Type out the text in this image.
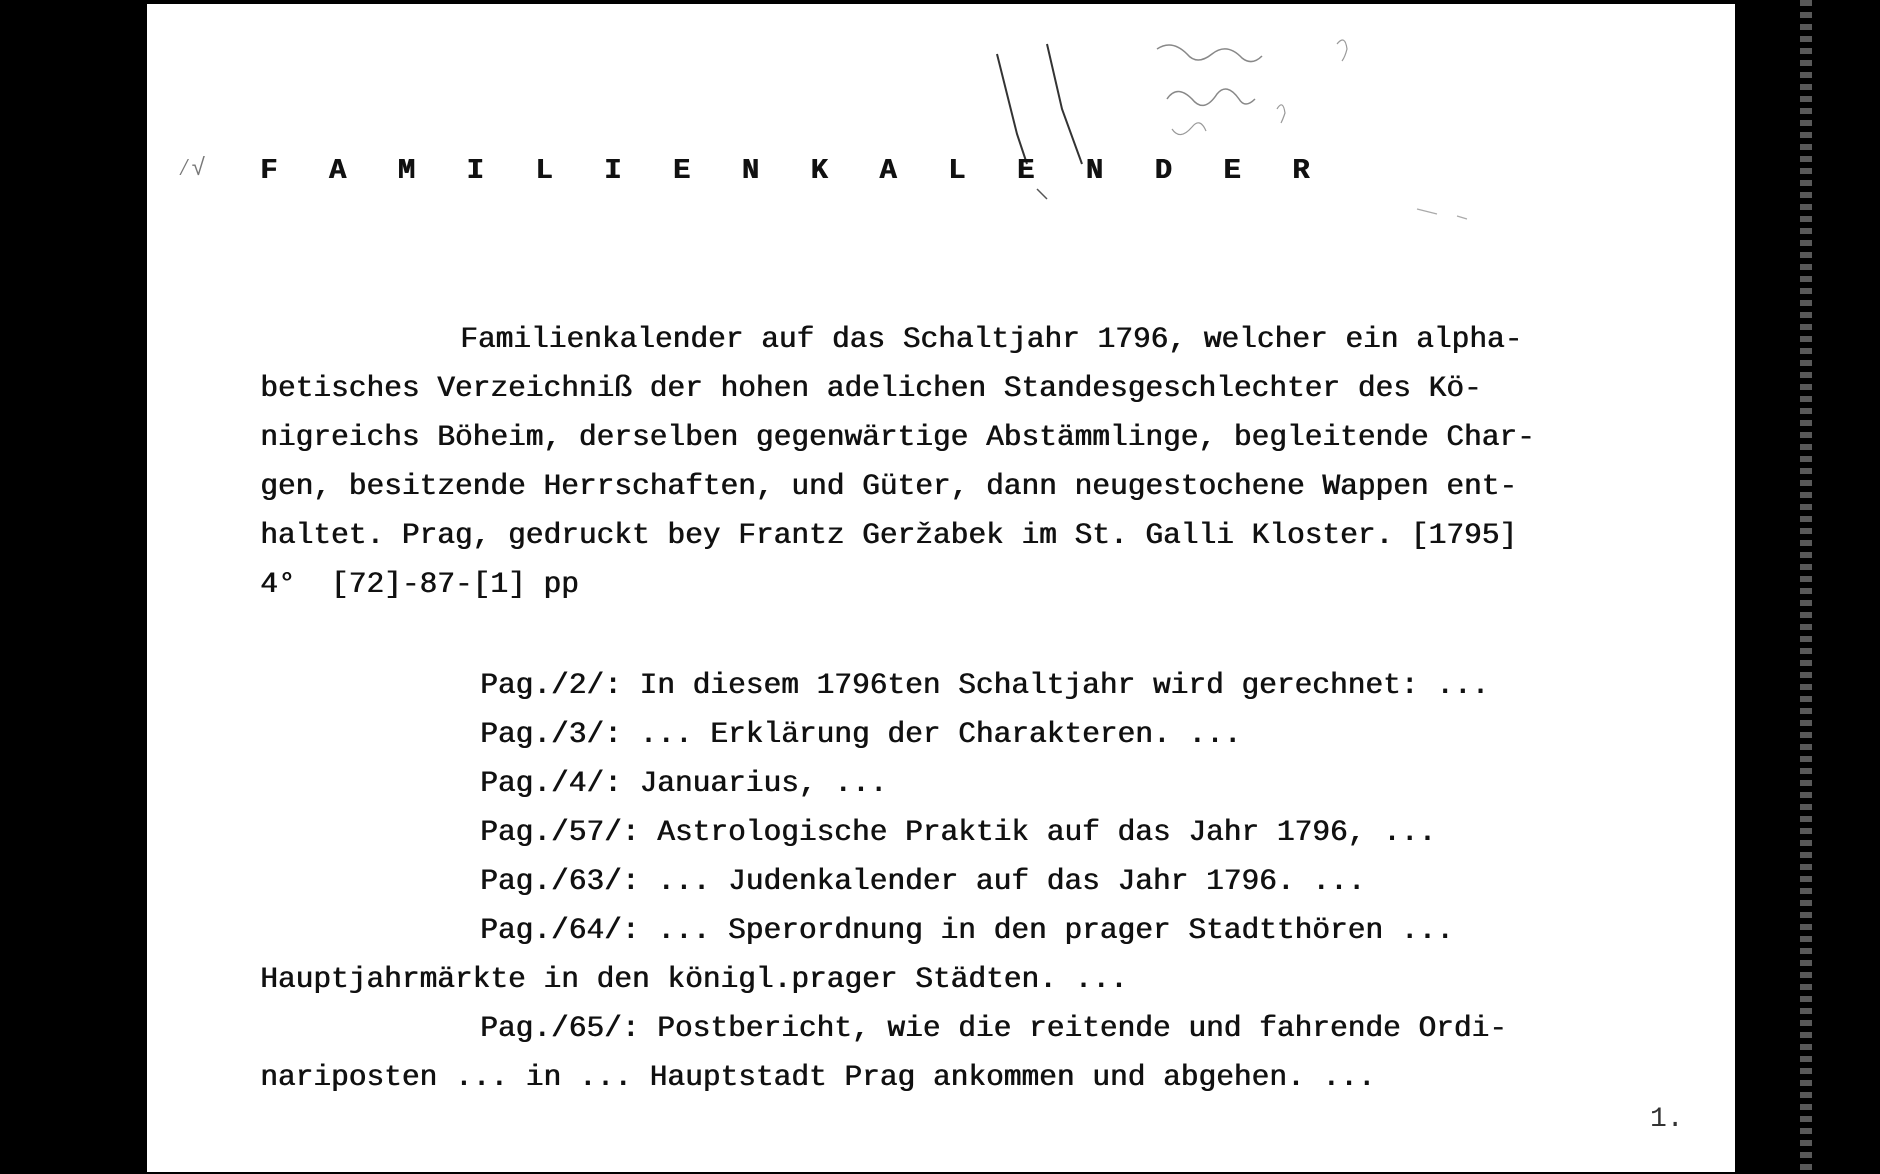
⁄√ F A M I L I E N K A L E N D E R
Familienkalender auf das Schaltjahr 1796, welcher ein alpha-
betisches Verzeichniß der hohen adelichen Standesgeschlechter des Kö-
nigreichs Böheim, derselben gegenwärtige Abstämmlinge, begleitende Char-
gen, besitzende Herrschaften, und Güter, dann neugestochene Wappen ent-
haltet. Prag, gedruckt bey Frantz Geržabek im St. Galli Kloster. [1795]
4°  [72]-87-[1] pp
Pag./2/: In diesem 1796ten Schaltjahr wird gerechnet: ...
Pag./3/: ... Erklärung der Charakteren. ...
Pag./4/: Januarius, ...
Pag./57/: Astrologische Praktik auf das Jahr 1796, ...
Pag./63/: ... Judenkalender auf das Jahr 1796. ...
Pag./64/: ... Sperordnung in den prager Stadtthören ...
Hauptjahrmärkte in den königl.prager Städten. ...
Pag./65/: Postbericht, wie die reitende und fahrende Ordi-
nariposten ... in ... Hauptstadt Prag ankommen und abgehen. ...
1.
